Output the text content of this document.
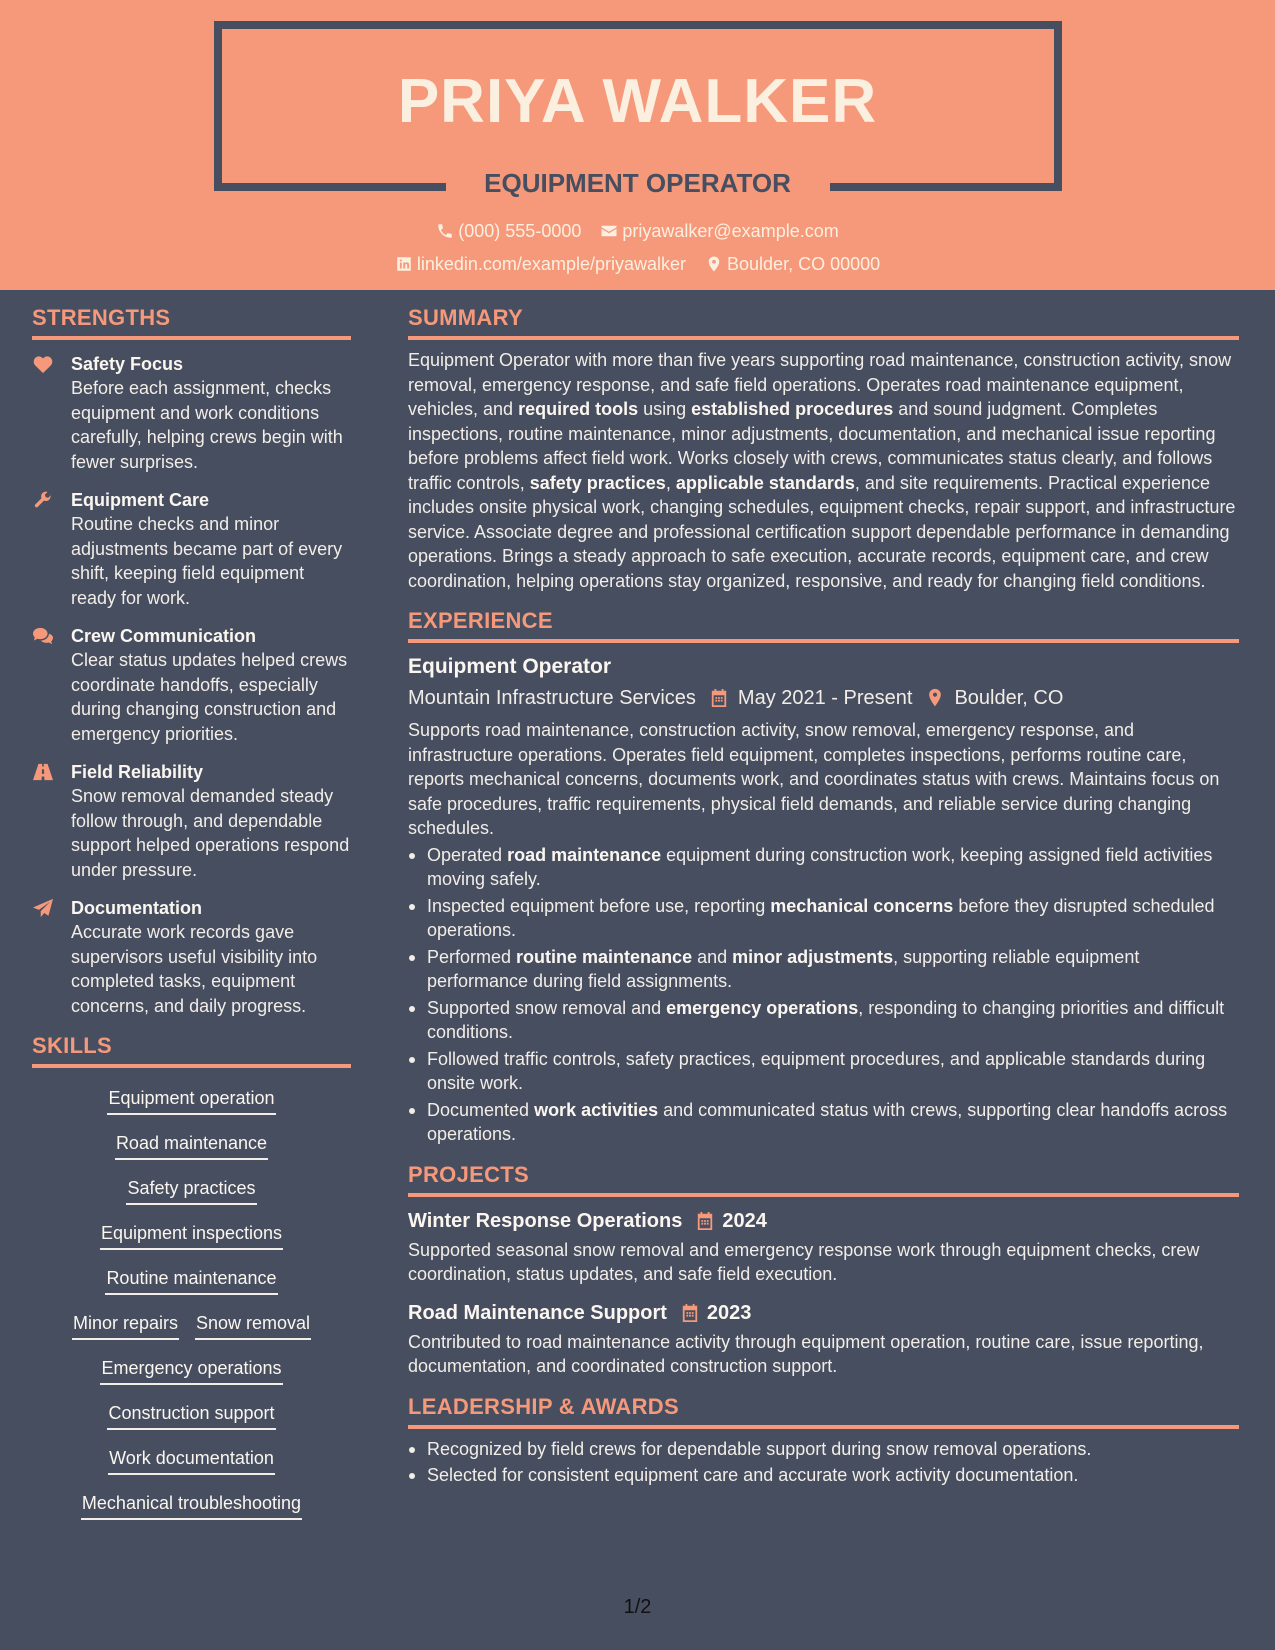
PRIYA WALKER
EQUIPMENT OPERATOR
(000) 555-0000
priyawalker@example.com
linkedin.com/example/priyawalker
Boulder, CO 00000
STRENGTHS
Safety Focus
Before each assignment, checks equipment and work conditions carefully, helping crews begin with fewer surprises.
Equipment Care
Routine checks and minor adjustments became part of every shift, keeping field equipment ready for work.
Crew Communication
Clear status updates helped crews coordinate handoffs, especially during changing construction and emergency priorities.
Field Reliability
Snow removal demanded steady follow through, and dependable support helped operations respond under pressure.
Documentation
Accurate work records gave supervisors useful visibility into completed tasks, equipment concerns, and daily progress.
SKILLS
Equipment operation
Road maintenance
Safety practices
Equipment inspections
Routine maintenance
Minor repairs Snow removal
Emergency operations
Construction support
Work documentation
Mechanical troubleshooting
SUMMARY

Equipment Operator with more than five years supporting road maintenance, construction activity, snow removal, emergency response, and safe field operations. Operates road maintenance equipment, vehicles, and required tools using established procedures and sound judgment. Completes inspections, routine maintenance, minor adjustments, documentation, and mechanical issue reporting before problems affect field work. Works closely with crews, communicates status clearly, and follows traffic controls, safety practices, applicable standards, and site requirements. Practical experience includes onsite physical work, changing schedules, equipment checks, repair support, and infrastructure service. Associate degree and professional certification support dependable performance in demanding operations. Brings a steady approach to safe execution, accurate records, equipment care, and crew coordination, helping operations stay organized, responsive, and ready for changing field conditions.

EXPERIENCE
Equipment Operator
Mountain Infrastructure Services May 2021 - Present Boulder, CO

Supports road maintenance, construction activity, snow removal, emergency response, and infrastructure operations. Operates field equipment, completes inspections, performs routine care, reports mechanical concerns, documents work, and coordinates status with crews. Maintains focus on safe procedures, traffic requirements, physical field demands, and reliable service during changing schedules.

Operated road maintenance equipment during construction work, keeping assigned field activities moving safely.
Inspected equipment before use, reporting mechanical concerns before they disrupted scheduled operations.
Performed routine maintenance and minor adjustments, supporting reliable equipment performance during field assignments.
Supported snow removal and emergency operations, responding to changing priorities and difficult conditions.
Followed traffic controls, safety practices, equipment procedures, and applicable standards during onsite work.
Documented work activities and communicated status with crews, supporting clear handoffs across operations.
PROJECTS
Winter Response Operations 2024

Supported seasonal snow removal and emergency response work through equipment checks, crew coordination, status updates, and safe field execution.

Road Maintenance Support 2023

Contributed to road maintenance activity through equipment operation, routine care, issue reporting, documentation, and coordinated construction support.

LEADERSHIP & AWARDS
Recognized by field crews for dependable support during snow removal operations.
Selected for consistent equipment care and accurate work activity documentation.
1/2
